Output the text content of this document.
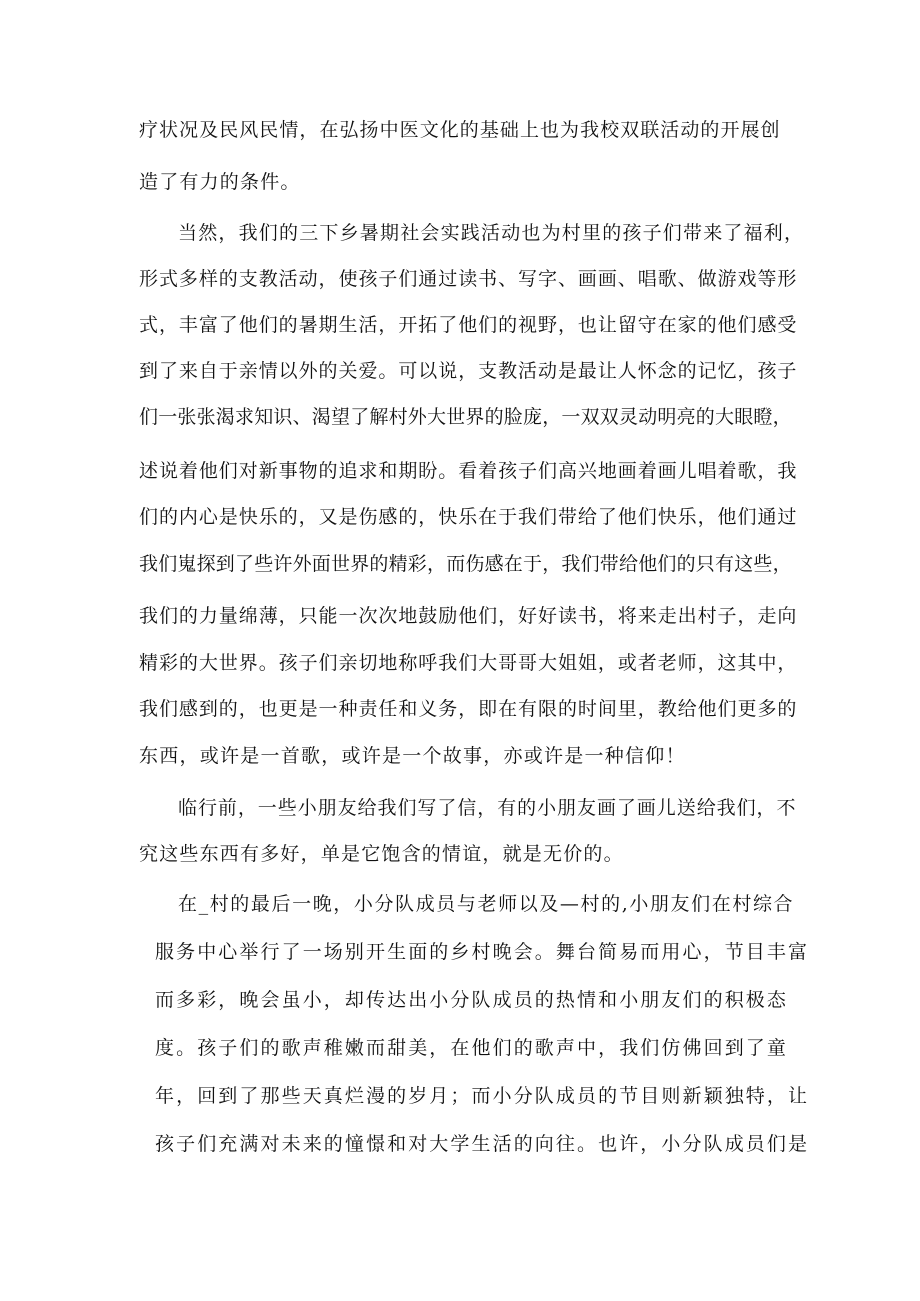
疗状况及民风民情，在弘扬中医文化的基础上也为我校双联活动的开展创
造了有力的条件。
当然，我们的三下乡暑期社会实践活动也为村里的孩子们带来了福利，
形式多样的支教活动，使孩子们通过读书、写字、画画、唱歌、做游戏等形
式，丰富了他们的暑期生活，开拓了他们的视野，也让留守在家的他们感受
到了来自于亲情以外的关爱。可以说，支教活动是最让人怀念的记忆，孩子
们一张张渴求知识、渴望了解村外大世界的脸庞，一双双灵动明亮的大眼瞪，
述说着他们对新事物的追求和期盼。看着孩子们高兴地画着画儿唱着歌，我
们的内心是快乐的，又是伤感的，快乐在于我们带给了他们快乐，他们通过
我们嵬探到了些许外面世界的精彩，而伤感在于，我们带给他们的只有这些，
我们的力量绵薄，只能一次次地鼓励他们，好好读书，将来走出村子，走向
精彩的大世界。孩子们亲切地称呼我们大哥哥大姐姐，或者老师，这其中，
我们感到的，也更是一种责任和义务，即在有限的时间里，教给他们更多的
东西，或许是一首歌，或许是一个故事，亦或许是一种信仰！
临行前，一些小朋友给我们写了信，有的小朋友画了画儿送给我们，不
究这些东西有多好，单是它饱含的情谊，就是无价的。
在_村的最后一晚，小分队成员与老师以及—村的,小朋友们在村综合
服务中心举行了一场别开生面的乡村晚会。舞台简易而用心，节目丰富
而多彩，晚会虽小，却传达出小分队成员的热情和小朋友们的积极态
度。孩子们的歌声稚嫩而甜美，在他们的歌声中，我们仿佛回到了童
年，回到了那些天真烂漫的岁月；而小分队成员的节目则新颖独特，让
孩子们充满对未来的憧憬和对大学生活的向往。也许，小分队成员们是
